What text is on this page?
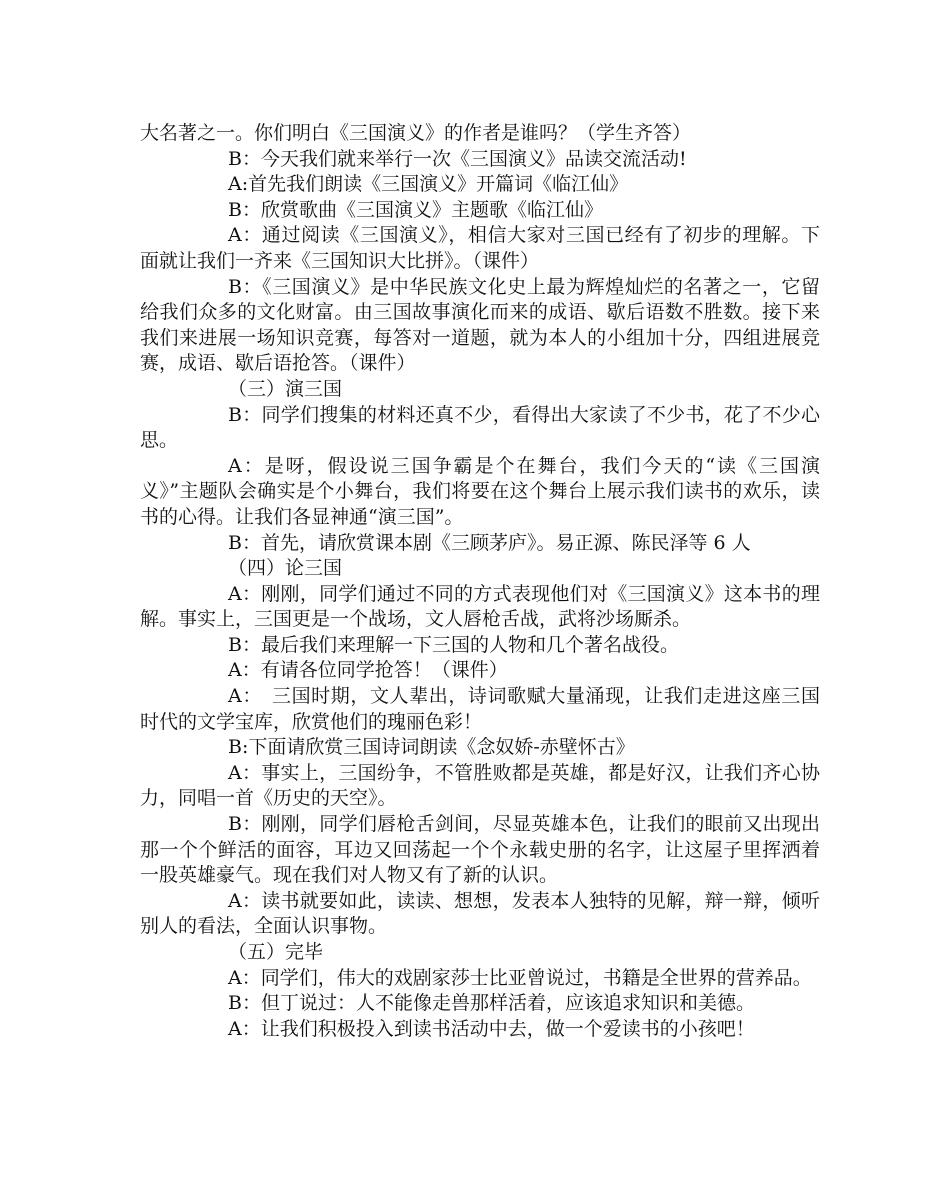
大名著之一。你们明白《三国演义》的作者是谁吗？（学生齐答）

B：今天我们就来举行一次《三国演义》品读交流活动!

A:首先我们朗读《三国演义》开篇词《临江仙》

B：欣赏歌曲《三国演义》主题歌《临江仙》

A：通过阅读《三国演义》，相信大家对三国已经有了初步的理解。下面就让我们一齐来《三国知识大比拼》。（课件）

B：《三国演义》是中华民族文化史上最为辉煌灿烂的名著之一，它留给我们众多的文化财富。由三国故事演化而来的成语、歇后语数不胜数。接下来我们来进展一场知识竞赛，每答对一道题，就为本人的小组加十分，四组进展竞赛，成语、歇后语抢答。（课件）

（三）演三国

B：同学们搜集的材料还真不少，看得出大家读了不少书，花了不少心思。

A：是呀，假设说三国争霸是个在舞台，我们今天的“读《三国演义》”主题队会确实是个小舞台，我们将要在这个舞台上展示我们读书的欢乐，读书的心得。让我们各显神通“演三国”。

B：首先，请欣赏课本剧《三顾茅庐》。易正源、陈民泽等 6 人

（四）论三国

A：刚刚，同学们通过不同的方式表现他们对《三国演义》这本书的理解。事实上，三国更是一个战场，文人唇枪舌战，武将沙场厮杀。

B：最后我们来理解一下三国的人物和几个著名战役。

A：有请各位同学抢答！（课件）

A：　三国时期，文人辈出，诗词歌赋大量涌现，让我们走进这座三国时代的文学宝库，欣赏他们的瑰丽色彩！

B:下面请欣赏三国诗词朗读《念奴娇-赤壁怀古》

A：事实上，三国纷争，不管胜败都是英雄，都是好汉，让我们齐心协力，同唱一首《历史的天空》。

B：刚刚，同学们唇枪舌剑间，尽显英雄本色，让我们的眼前又出现出那一个个鲜活的面容，耳边又回荡起一个个永载史册的名字，让这屋子里挥洒着一股英雄豪气。现在我们对人物又有了新的认识。

A：读书就要如此，读读、想想，发表本人独特的见解，辩一辩，倾听别人的看法，全面认识事物。

（五）完毕

A：同学们，伟大的戏剧家莎士比亚曾说过，书籍是全世界的营养品。

B：但丁说过：人不能像走兽那样活着，应该追求知识和美德。

A：让我们积极投入到读书活动中去，做一个爱读书的小孩吧！
